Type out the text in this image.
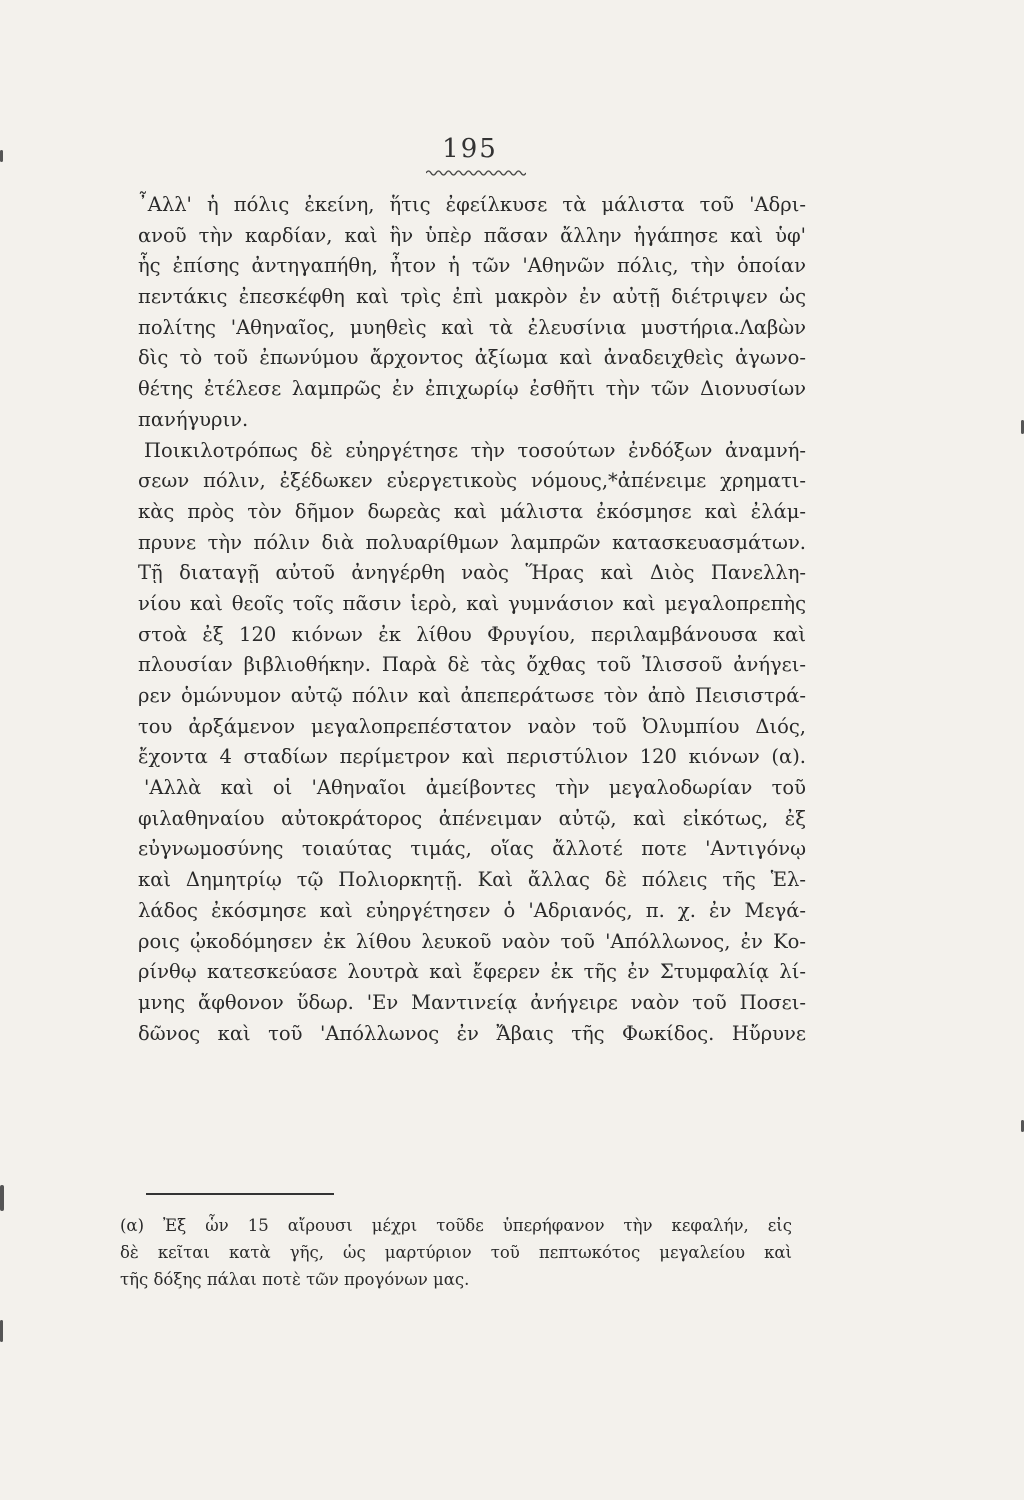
195
῏Αλλ' ἡ πόλις ἐκείνη, ἥτις ἐφείλκυσε τὰ μάλιστα τοῦ 'Αδρι-
ανοῦ τὴν καρδίαν, καὶ ἣν ὑπὲρ πᾶσαν ἄλλην ἠγάπησε καὶ ὑφ'
ἧς ἐπίσης ἀντηγαπήθη, ἦτον ἡ τῶν 'Αθηνῶν πόλις, τὴν ὁποίαν
πεντάκις ἐπεσκέφθη καὶ τρὶς ἐπὶ μακρὸν ἐν αὐτῇ διέτριψεν ὡς
πολίτης 'Αθηναῖος, μυηθεὶς καὶ τὰ ἐλευσίνια μυστήρια.Λαβὼν
δὶς τὸ τοῦ ἐπωνύμου ἄρχοντος ἀξίωμα καὶ ἀναδειχθεὶς ἀγωνο-
θέτης ἐτέλεσε λαμπρῶς ἐν ἐπιχωρίῳ ἐσθῆτι τὴν τῶν Διονυσίων
πανήγυριν.
Ποικιλοτρόπως δὲ εὐηργέτησε τὴν τοσούτων ἐνδόξων ἀναμνή-
σεων πόλιν, ἐξέδωκεν εὐεργετικοὺς νόμους,*ἀπένειμε χρηματι-
κὰς πρὸς τὸν δῆμον δωρεὰς καὶ μάλιστα ἐκόσμησε καὶ ἐλάμ-
πρυνε τὴν πόλιν διὰ πολυαρίθμων λαμπρῶν κατασκευασμάτων.
Τῇ διαταγῇ αὐτοῦ ἀνηγέρθη ναὸς Ἥρας καὶ Διὸς Πανελλη-
νίου καὶ θεοῖς τοῖς πᾶσιν ἱερὸ, καὶ γυμνάσιον καὶ μεγαλοπρεπὴς
στοὰ ἐξ 120 κιόνων ἐκ λίθου Φρυγίου, περιλαμβάνουσα καὶ
πλουσίαν βιβλιοθήκην. Παρὰ δὲ τὰς ὄχθας τοῦ Ἰλισσοῦ ἀνήγει-
ρεν ὁμώνυμον αὐτῷ πόλιν καὶ ἀπεπεράτωσε τὸν ἀπὸ Πεισιστρά-
του ἀρξάμενον μεγαλοπρεπέστατον ναὸν τοῦ Ὀλυμπίου Διός,
ἔχοντα 4 σταδίων περίμετρον καὶ περιστύλιον 120 κιόνων (α).
'Αλλὰ καὶ οἱ 'Αθηναῖοι ἀμείβοντες τὴν μεγαλοδωρίαν τοῦ
φιλαθηναίου αὐτοκράτορος ἀπένειμαν αὐτῷ, καὶ εἰκότως, ἐξ
εὐγνωμοσύνης τοιαύτας τιμάς, οἵας ἄλλοτέ ποτε 'Αντιγόνῳ
καὶ Δημητρίῳ τῷ Πολιορκητῇ. Καὶ ἄλλας δὲ πόλεις τῆς Ἑλ-
λάδος ἐκόσμησε καὶ εὐηργέτησεν ὁ 'Αδριανός, π. χ. ἐν Μεγά-
ροις ᾠκοδόμησεν ἐκ λίθου λευκοῦ ναὸν τοῦ 'Απόλλωνος, ἐν Κο-
ρίνθῳ κατεσκεύασε λουτρὰ καὶ ἔφερεν ἐκ τῆς ἐν Στυμφαλίᾳ λί-
μνης ἄφθονον ὕδωρ. 'Εν Μαντινείᾳ ἀνήγειρε ναὸν τοῦ Ποσει-
δῶνος καὶ τοῦ 'Απόλλωνος ἐν Ἄβαις τῆς Φωκίδος. Ηὔρυνε
(α) Ἐξ ὧν 15 αἴρουσι μέχρι τοῦδε ὑπερήφανον τὴν κεφαλήν, εἰς
δὲ κεῖται κατὰ γῆς, ὡς μαρτύριον τοῦ πεπτωκότος μεγαλείου καὶ
τῆς δόξης πάλαι ποτὲ τῶν προγόνων μας.
